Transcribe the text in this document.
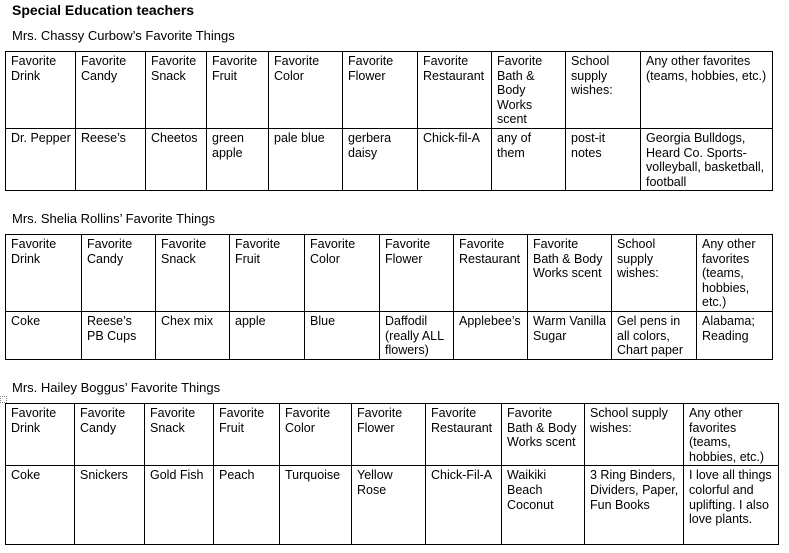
Special Education teachers
Mrs. Chassy Curbow’s Favorite Things
Favorite Drink	Favorite Candy	Favorite Snack	Favorite Fruit	Favorite Color	Favorite Flower	Favorite Restaurant	Favorite Bath & Body Works scent	School supply wishes:	Any other favorites (teams, hobbies, etc.)
Dr. Pepper	Reese’s	Cheetos	green apple	pale blue	gerbera daisy	Chick-fil-A	any of them	post-it notes	Georgia Bulldogs, Heard Co. Sports-volleyball, basketball, football
Mrs. Shelia Rollins’ Favorite Things
Favorite Drink	Favorite Candy	Favorite Snack	Favorite Fruit	Favorite Color	Favorite Flower	Favorite Restaurant	Favorite Bath & Body Works scent	School supply wishes:	Any other favorites (teams, hobbies, etc.)
Coke	Reese’s PB Cups	Chex mix	apple	Blue	Daffodil (really ALL flowers)	Applebee’s	Warm Vanilla Sugar	Gel pens in all colors, Chart paper	Alabama; Reading
Mrs. Hailey Boggus’ Favorite Things
Favorite Drink	Favorite Candy	Favorite Snack	Favorite Fruit	Favorite Color	Favorite Flower	Favorite Restaurant	Favorite Bath & Body Works scent	School supply wishes:	Any other favorites (teams, hobbies, etc.)
Coke	Snickers	Gold Fish	Peach	Turquoise	Yellow Rose	Chick-Fil-A	Waikiki Beach Coconut	3 Ring Binders, Dividers, Paper, Fun Books	I love all things colorful and uplifting. I also love plants.
